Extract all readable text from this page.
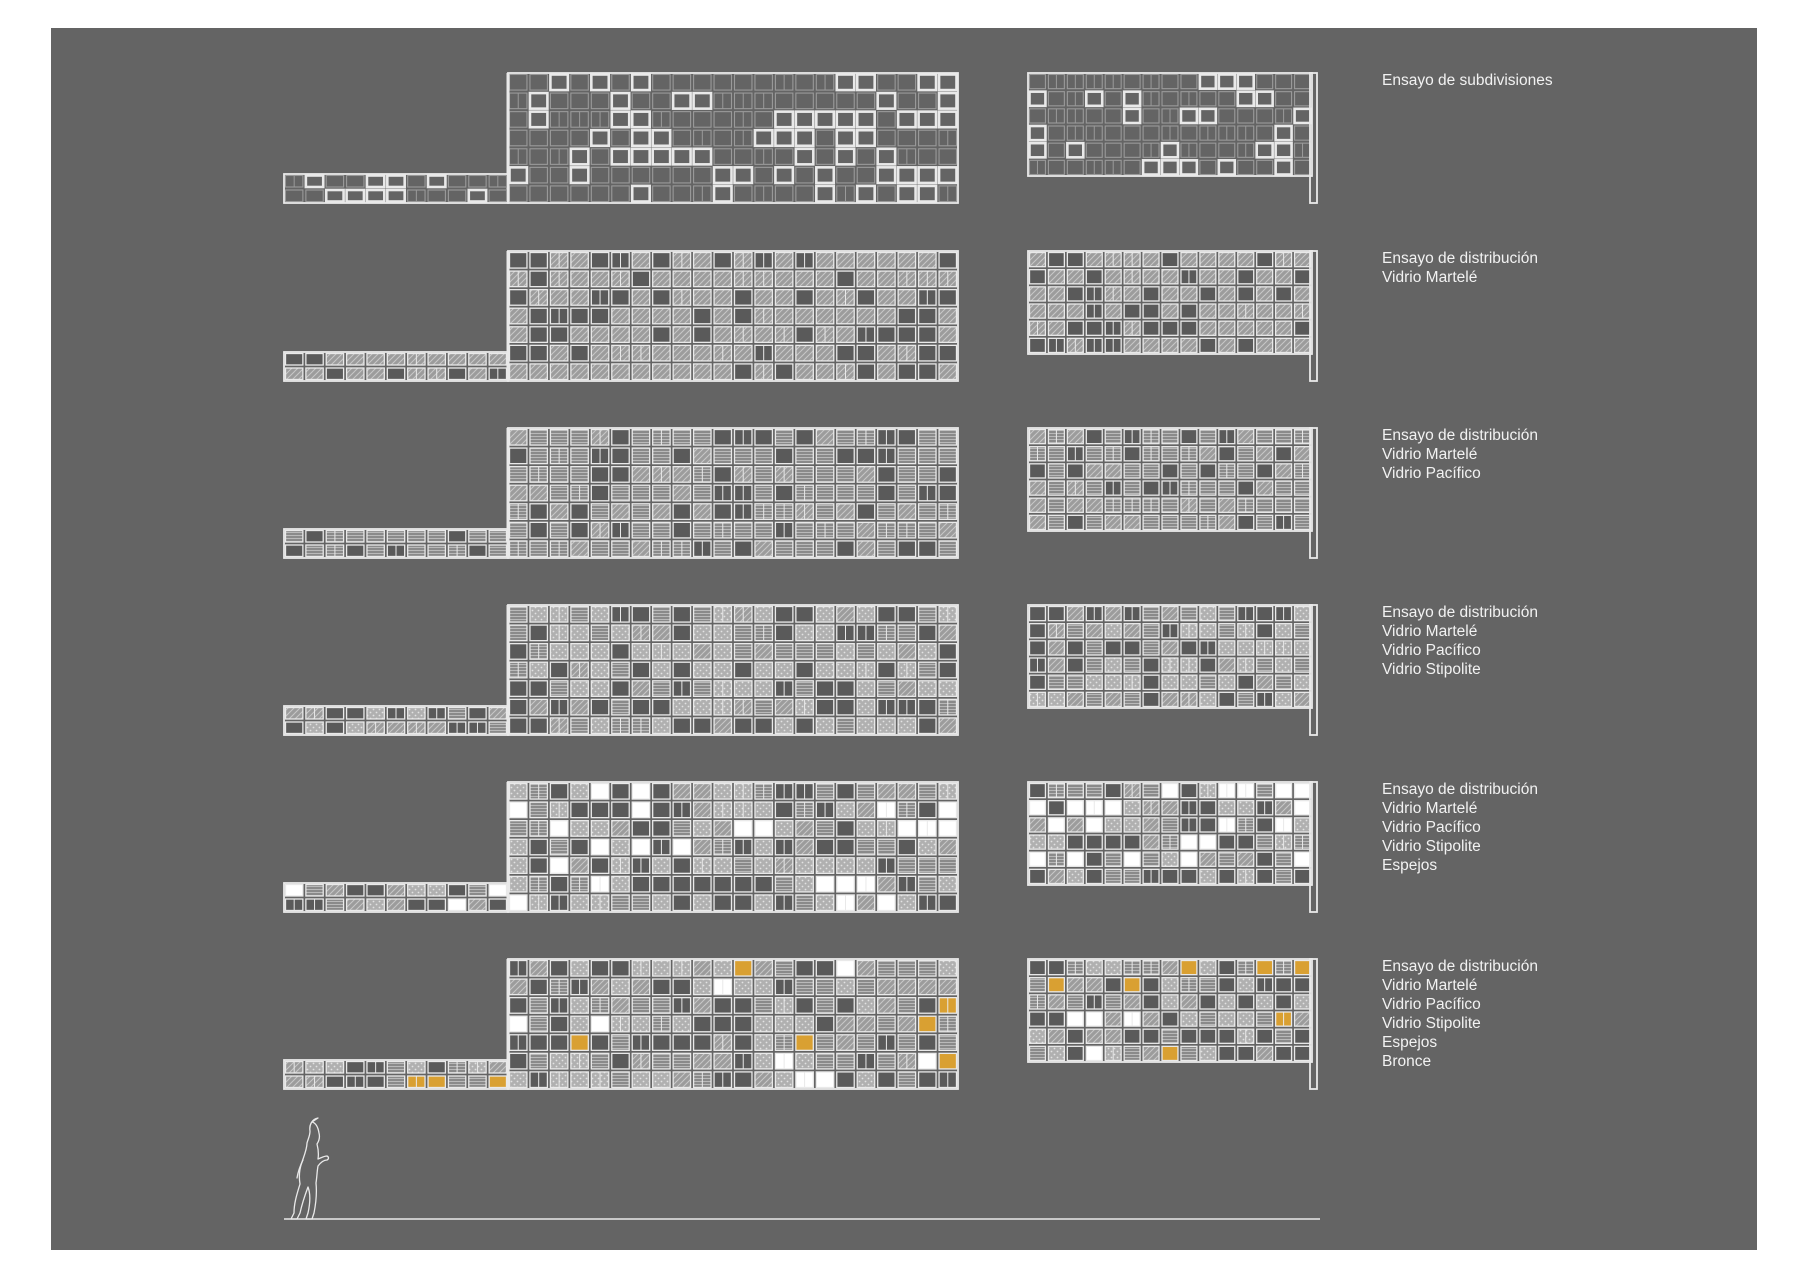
Ensayo de subdivisiones
Ensayo de distribución
Vidrio Martelé
Ensayo de distribución
Vidrio Martelé
Vidrio Pacífico
Ensayo de distribución
Vidrio Martelé
Vidrio Pacífico
Vidrio Stipolite
Ensayo de distribución
Vidrio Martelé
Vidrio Pacífico
Vidrio Stipolite
Espejos
Ensayo de distribución
Vidrio Martelé
Vidrio Pacífico
Vidrio Stipolite
Espejos
Bronce
